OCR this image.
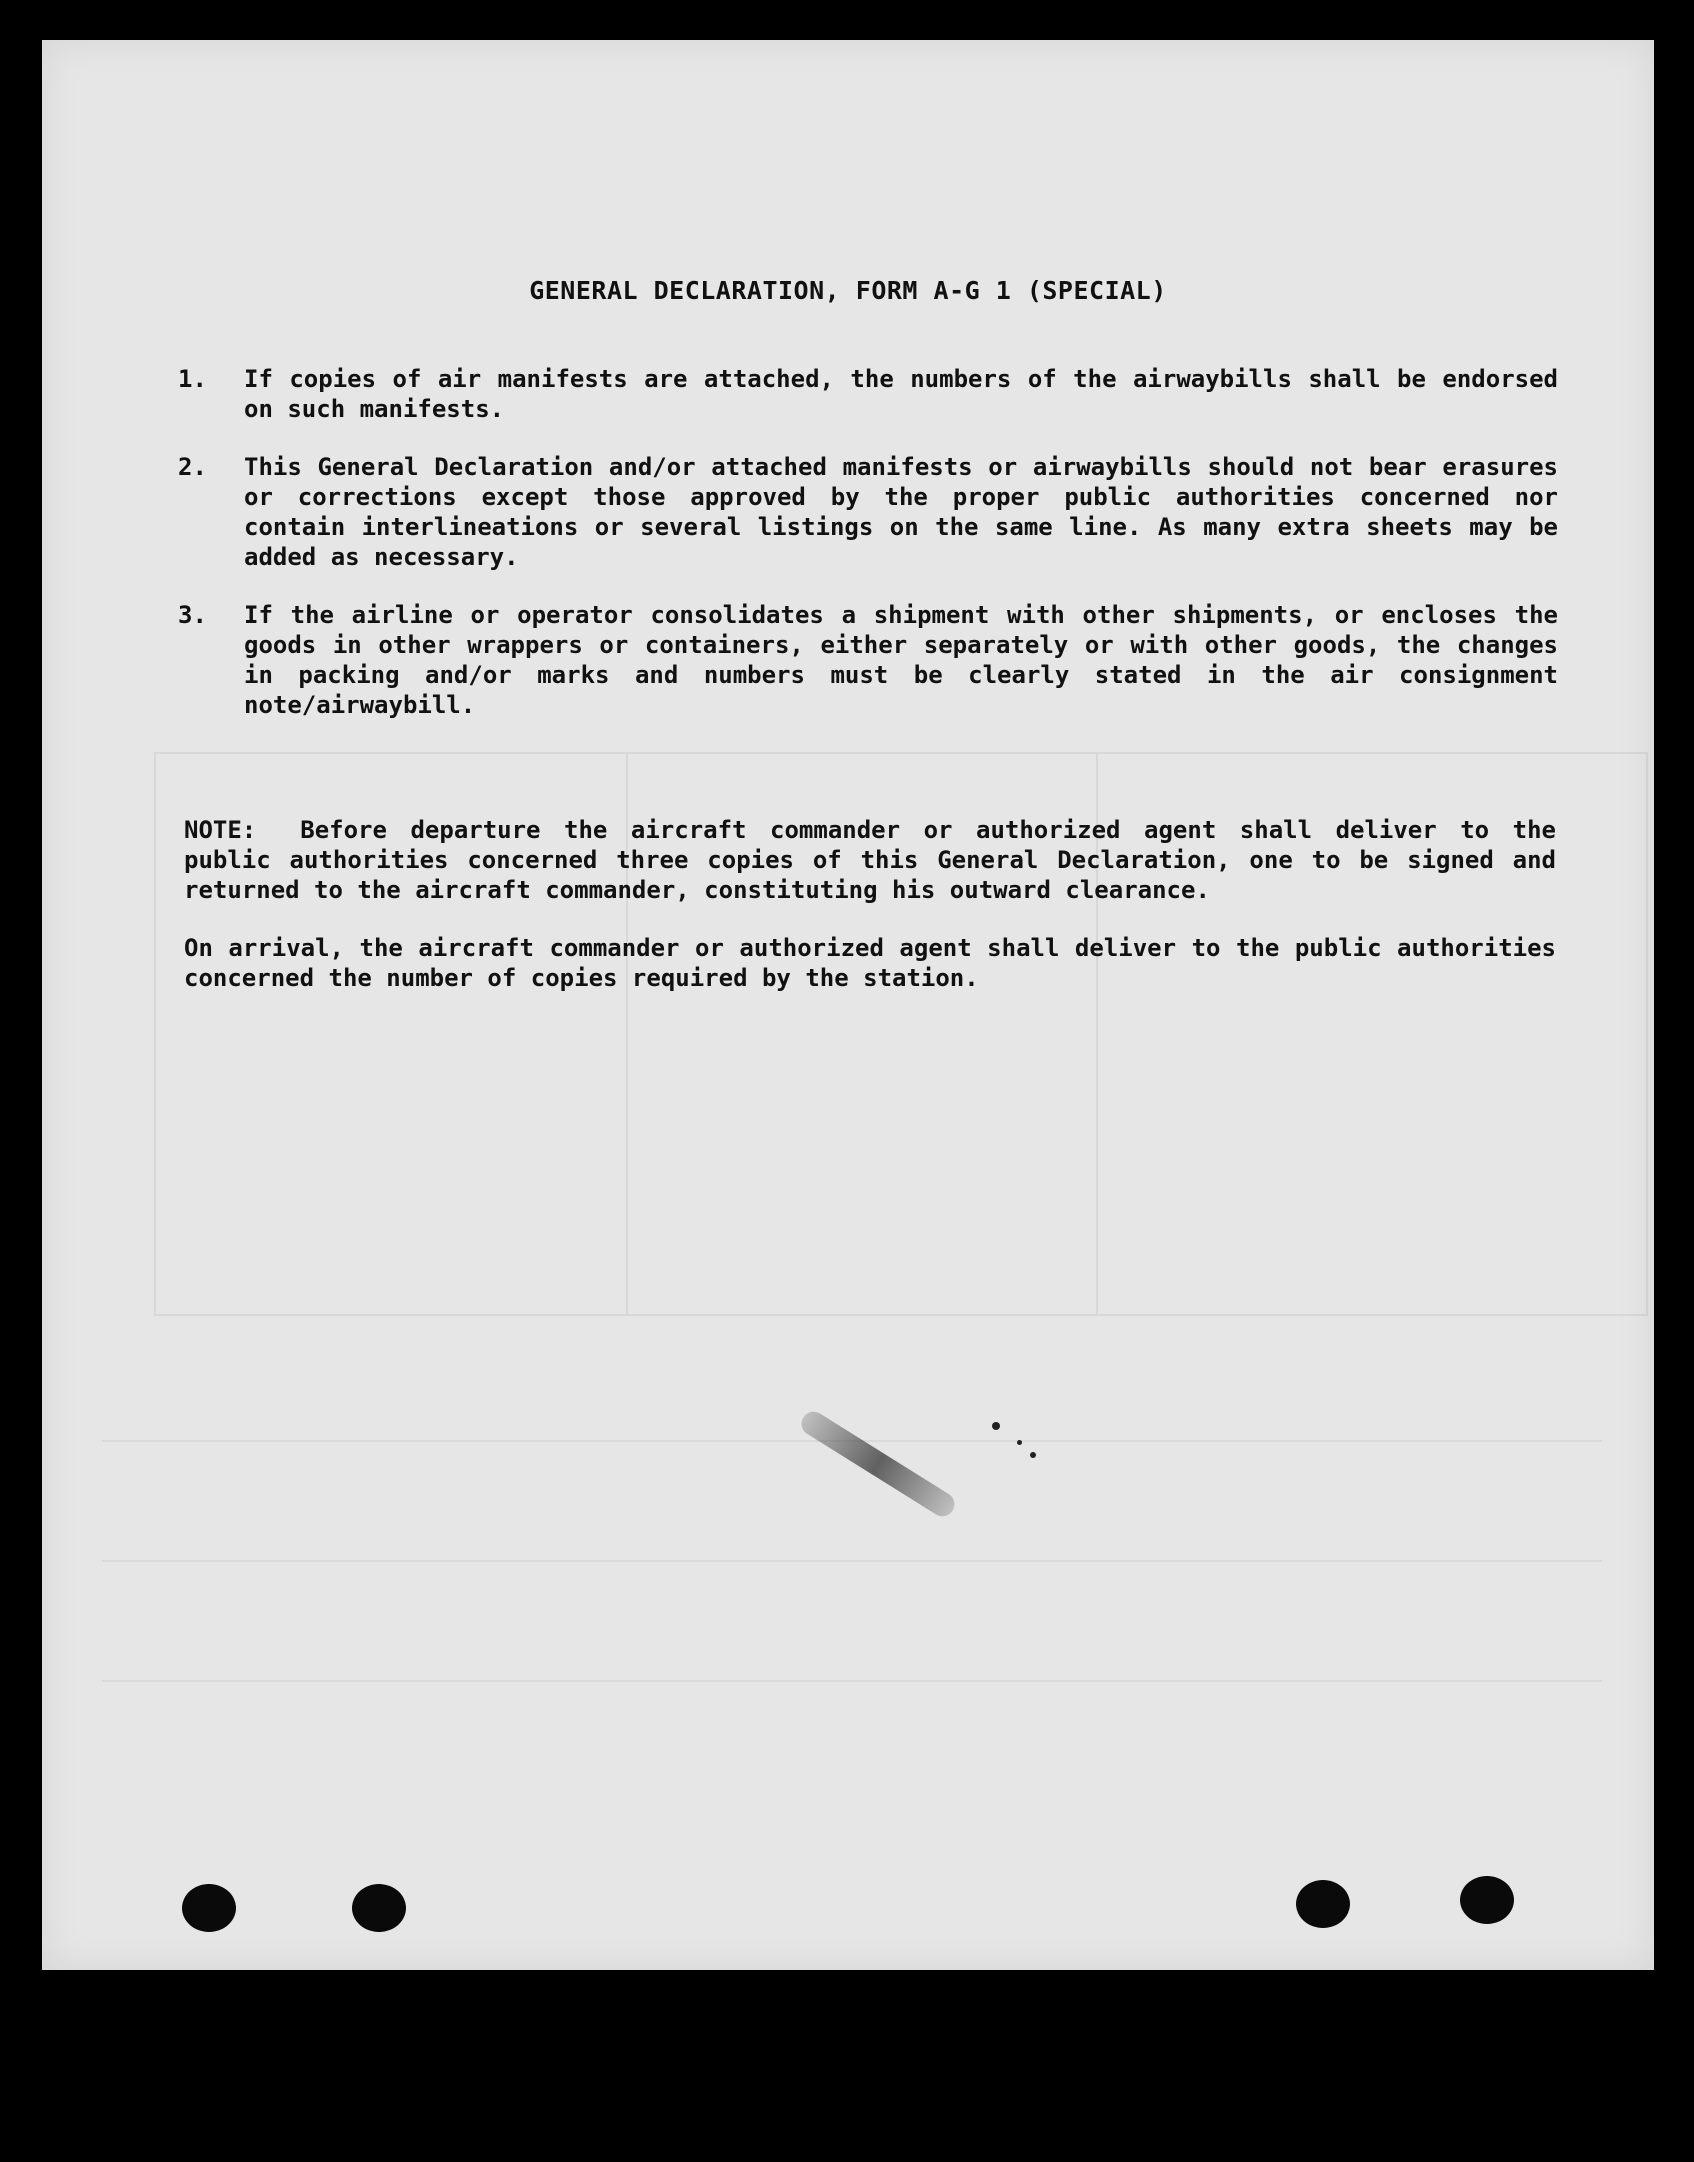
GENERAL DECLARATION, FORM A-G 1 (SPECIAL)
1.	If copies of air manifests are attached, the numbers of the airwaybills shall be endorsed on such manifests.
2.	This General Declaration and/or attached manifests or airwaybills should not bear erasures or corrections except those approved by the proper public authorities concerned nor contain interlineations or several listings on the same line. As many extra sheets may be added as necessary.
3.	If the airline or operator consolidates a shipment with other shipments, or encloses the goods in other wrappers or containers, either separately or with other goods, the changes in packing and/or marks and numbers must be clearly stated in the air consignment note/airwaybill.

NOTE: Before departure the aircraft commander or authorized agent shall deliver to the public authorities concerned three copies of this General Declaration, one to be signed and returned to the aircraft commander, constituting his outward clearance.

On arrival, the aircraft commander or authorized agent shall deliver to the public authorities concerned the number of copies required by the station.
